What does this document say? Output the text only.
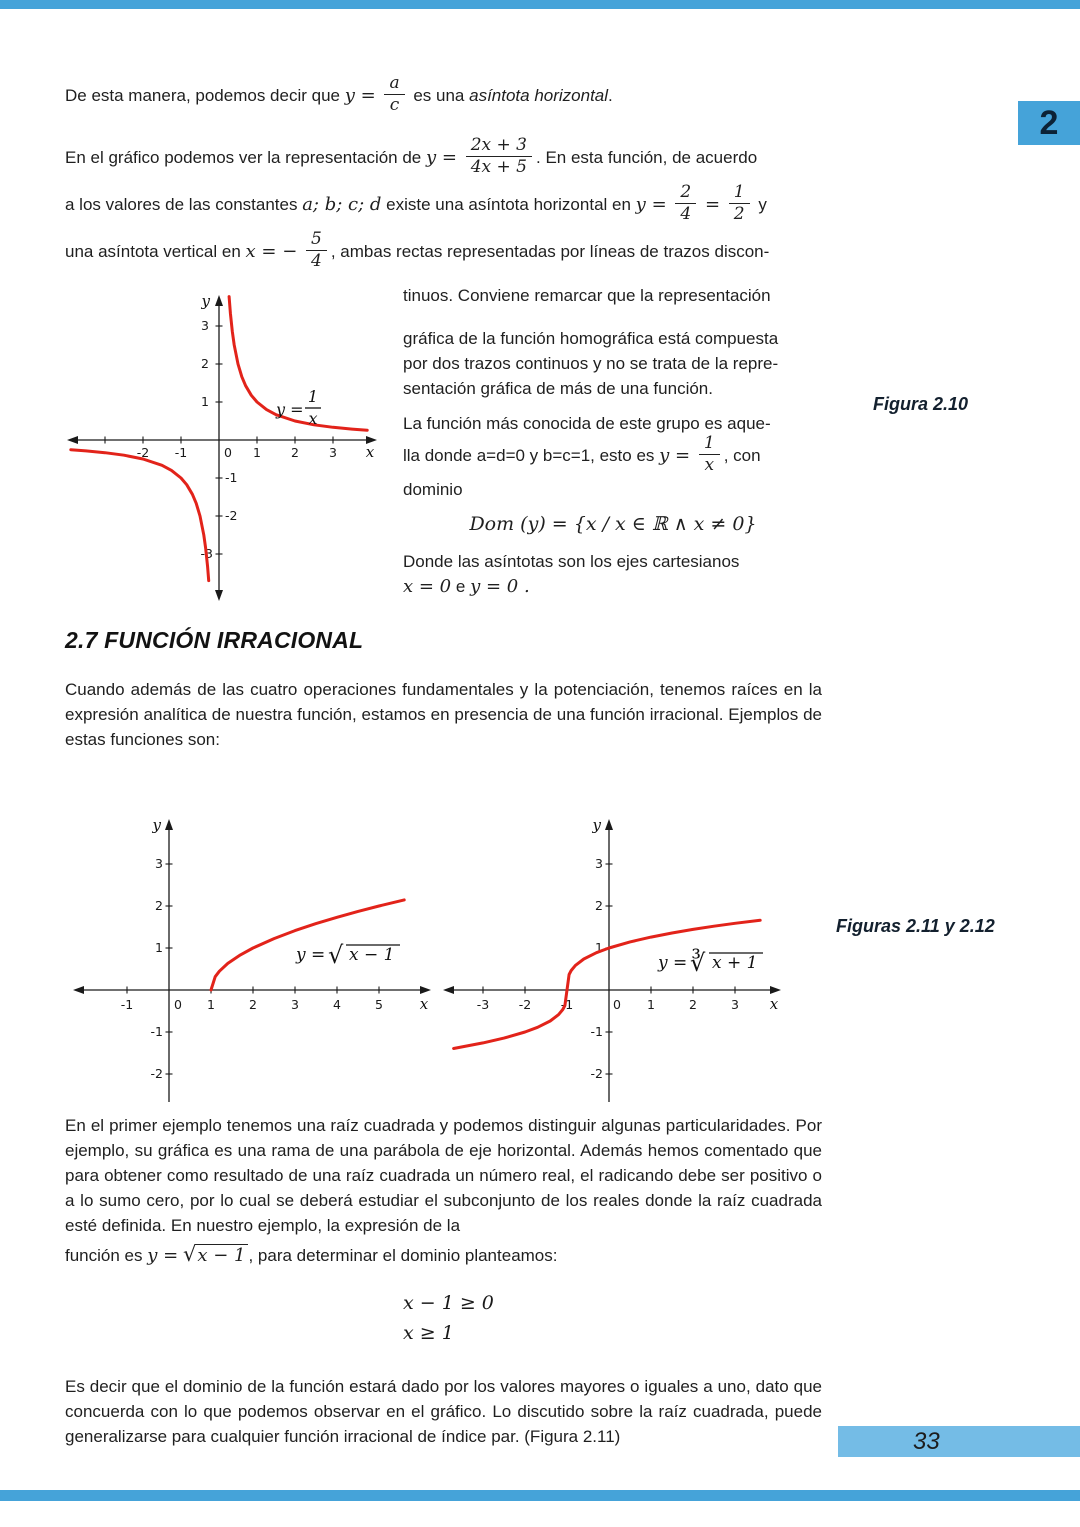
2
De esta manera, podemos decir que $y = \frac{a}{c}$ es una asíntota horizontal.
En el gráfico podemos ver la representación de $y = \frac{2x + 3}{4x + 5}$ . En esta función, de acuerdo
a los valores de las constantes a; b; c; d existe una asíntota horizontal en $y = \frac{2}{4} = \frac{1}{2}$ y
una asíntota vertical en x = − $\frac{5}{4}$ , ambas rectas representadas por líneas de trazos discon-
-2 -1	0 1 2 3
3
2
1
-1
-2
-3
x
y
y =
1
x
tinuos. Conviene remarcar que la representación
gráfica de la función homográfica está compuesta
por dos trazos continuos y no se trata de la repre-
sentación gráfica de más de una función.
La función más conocida de este grupo es aque-
lla donde a=d=0 y b=c=1, esto es $y = \frac{1}{x}$ , con
dominio
Dom (y) = {x / x ∈ ℝ ∧ x ≠ 0}
Donde las asíntotas son los ejes cartesianos
x = 0 e y = 0 .
Figura 2.10
2.7 FUNCIÓN IRRACIONAL
Cuando además de las cuatro operaciones fundamentales y la potenciación, tenemos raíces en la expresión analítica de nuestra función, estamos en presencia de una función irracional. Ejemplos de estas funciones son:
-1	0 1	2	3	4	5
3
2
1
-1
-2
x
y
y = √ x − 1
-3 -2 -1	0 1	2	3
3
2
1
-1
-2
x
y
y = ∛ x + 1
Figuras 2.11 y 2.12
En el primer ejemplo tenemos una raíz cuadrada y podemos distinguir algunas particularidades. Por ejemplo, su gráfica es una rama de una parábola de eje horizontal. Además hemos comentado que para obtener como resultado de una raíz cuadrada un número real, el radicando debe ser positivo o a lo sumo cero, por lo cual se deberá estudiar el subconjunto de los reales donde la raíz cuadrada esté definida. En nuestro ejemplo, la expresión de la
función es y = √x − 1 , para determinar el dominio planteamos:
x − 1 ≥ 0
x ≥ 1
Es decir que el dominio de la función estará dado por los valores mayores o iguales a uno, dato que concuerda con lo que podemos observar en el gráfico. Lo discutido sobre la raíz cuadrada, puede generalizarse para cualquier función irracional de índice par. (Figura 2.11)	33
